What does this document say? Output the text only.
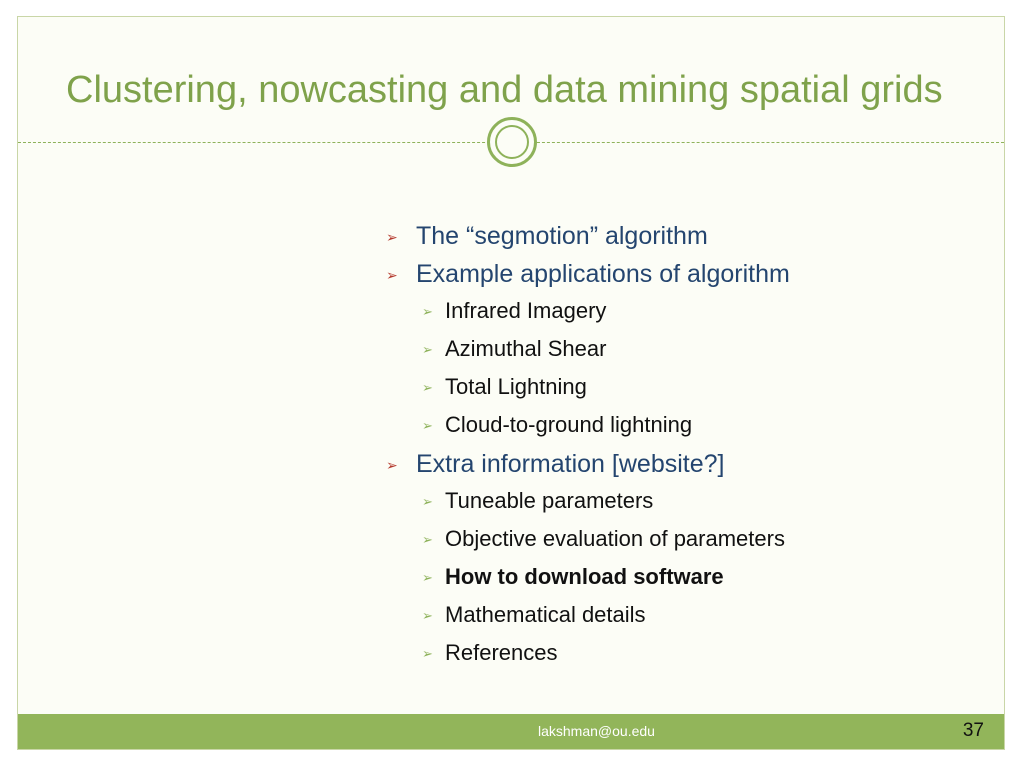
Clustering, nowcasting and data mining spatial grids
➢ The “segmotion” algorithm
➢ Example applications of algorithm
➢ Infrared Imagery
➢ Azimuthal Shear
➢ Total Lightning
➢ Cloud-to-ground lightning
➢ Extra information [website?]
➢ Tuneable parameters
➢ Objective evaluation of parameters
➢ How to download software
➢ Mathematical details
➢ References
lakshman@ou.edu	37
